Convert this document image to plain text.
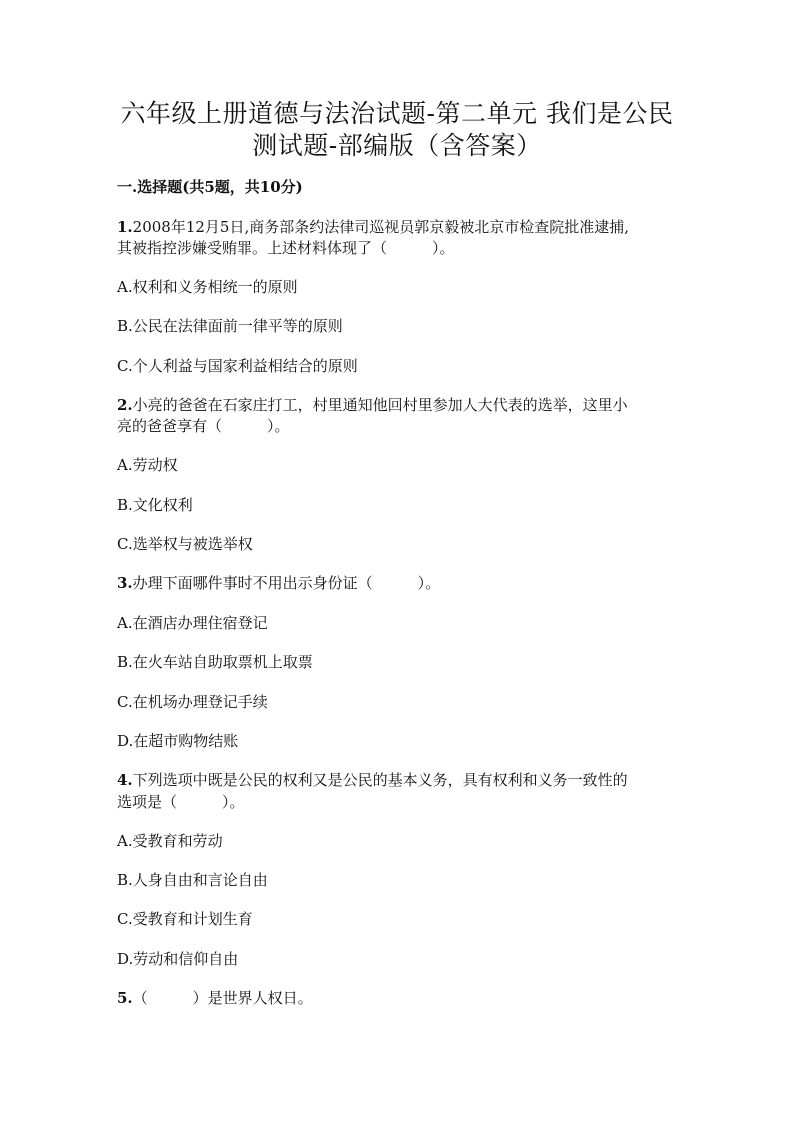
六年级上册道德与法治试题-第二单元 我们是公民
测试题-部编版（含答案）
一.选择题(共5题，共10分)
1.2008年12月5日,商务部条约法律司巡视员郭京毅被北京市检查院批准逮捕,
其被指控涉嫌受贿罪。上述材料体现了（　　　）。
A.权利和义务相统一的原则
B.公民在法律面前一律平等的原则
C.个人利益与国家利益相结合的原则
2.小亮的爸爸在石家庄打工，村里通知他回村里参加人大代表的选举，这里小
亮的爸爸享有（　　　）。
A.劳动权
B.文化权利
C.选举权与被选举权
3.办理下面哪件事时不用出示身份证（　　　）。
A.在酒店办理住宿登记
B.在火车站自助取票机上取票
C.在机场办理登记手续
D.在超市购物结账
4.下列选项中既是公民的权利又是公民的基本义务，具有权利和义务一致性的
选项是（　　　）。
A.受教育和劳动
B.人身自由和言论自由
C.受教育和计划生育
D.劳动和信仰自由
5.（　　　）是世界人权日。
